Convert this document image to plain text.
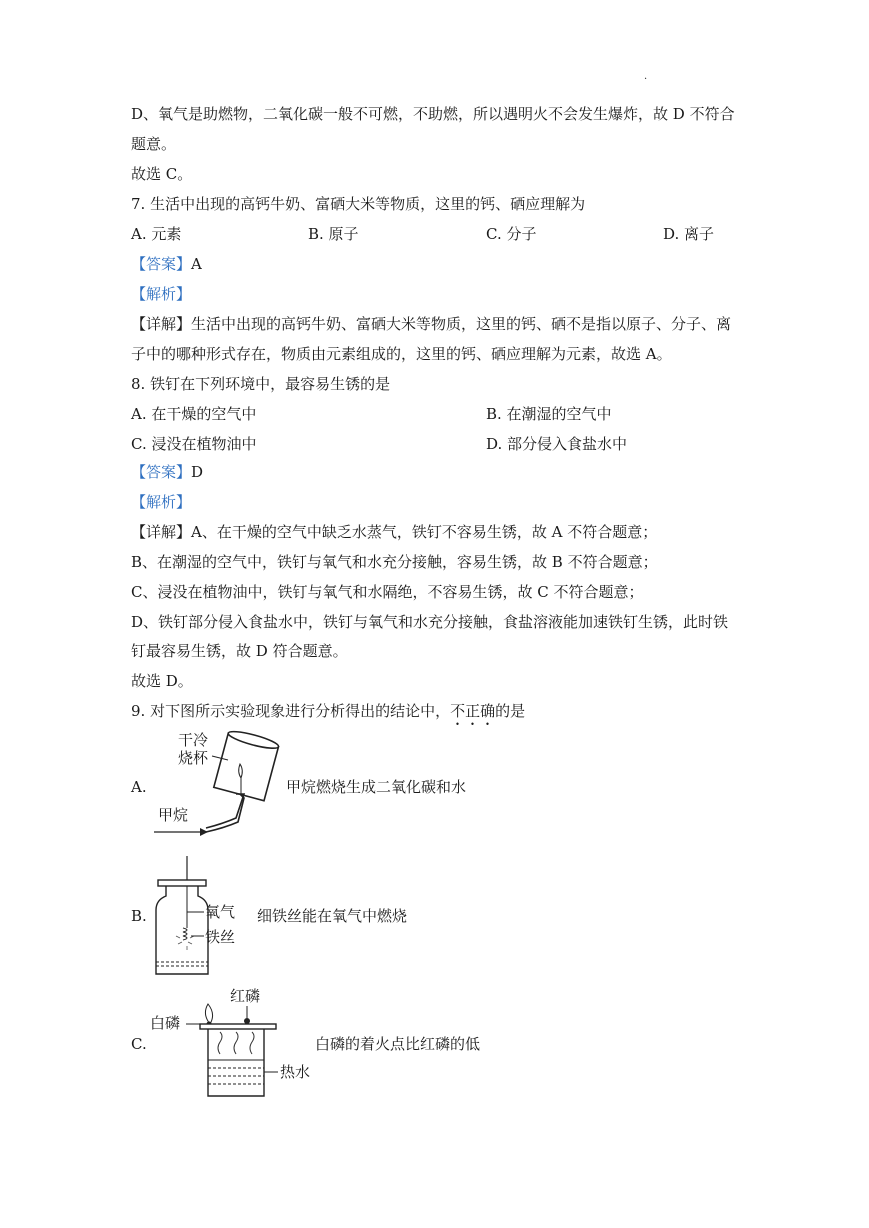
·
D、氧气是助燃物，二氧化碳一般不可燃，不助燃，所以遇明火不会发生爆炸，故 D 不符合
题意。
故选 C。
7. 生活中出现的高钙牛奶、富硒大米等物质，这里的钙、硒应理解为
A. 元素	B. 原子	C. 分子	D. 离子
【答案】A
【解析】
【详解】生活中出现的高钙牛奶、富硒大米等物质，这里的钙、硒不是指以原子、分子、离
子中的哪种形式存在，物质由元素组成的，这里的钙、硒应理解为元素，故选 A。
8. 铁钉在下列环境中，最容易生锈的是
A. 在干燥的空气中	B. 在潮湿的空气中
C. 浸没在植物油中	D. 部分侵入食盐水中
【答案】D
【解析】
【详解】A、在干燥的空气中缺乏水蒸气，铁钉不容易生锈，故 A 不符合题意；
B、在潮湿的空气中，铁钉与氧气和水充分接触，容易生锈，故 B 不符合题意；
C、浸没在植物油中，铁钉与氧气和水隔绝，不容易生锈，故 C 不符合题意；
D、铁钉部分侵入食盐水中，铁钉与氧气和水充分接触，食盐溶液能加速铁钉生锈，此时铁
钉最容易生锈，故 D 符合题意。
故选 D。
9. 对下图所示实验现象进行分析得出的结论中，不正确的是
A.	甲烷燃烧生成二氧化碳和水
干冷
烧杯
甲烷
B.	细铁丝能在氧气中燃烧
氧气
铁丝
C.	白磷的着火点比红磷的低
红磷
白磷
热水
